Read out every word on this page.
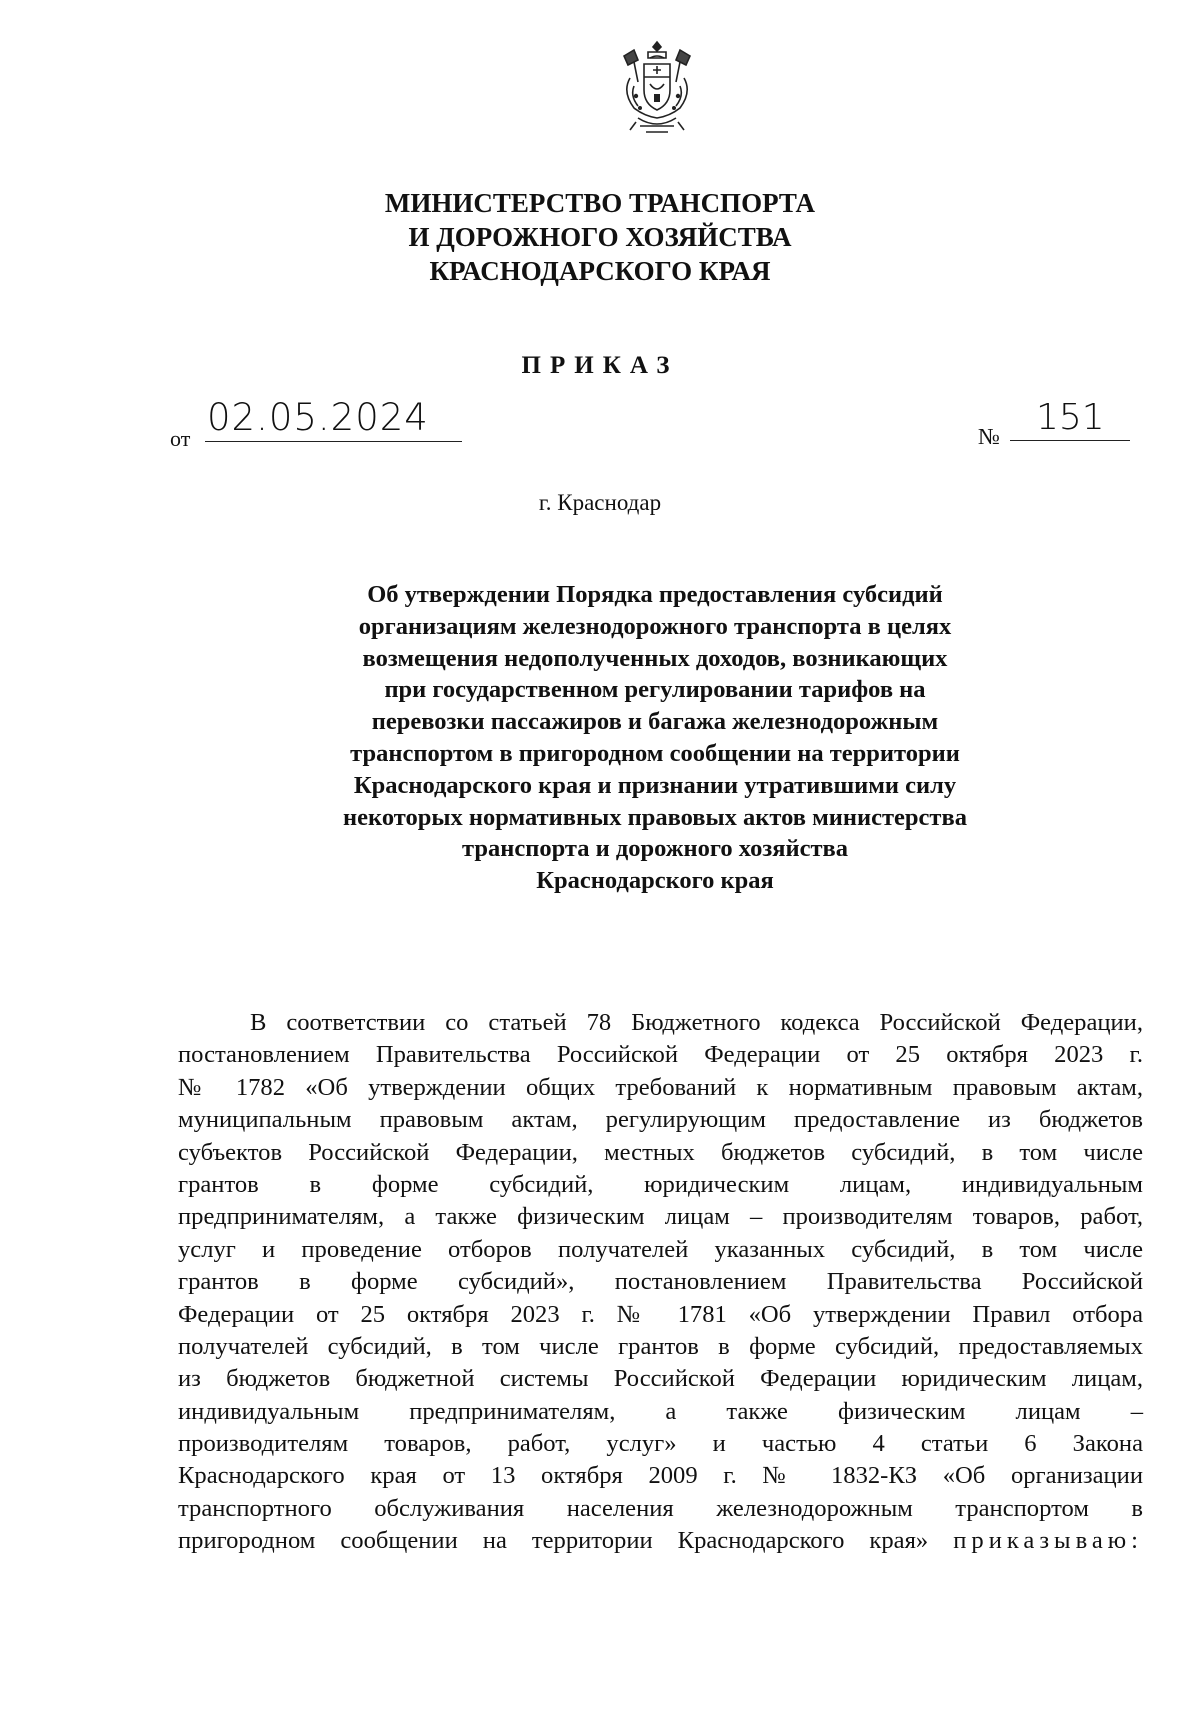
МИНИСТЕРСТВО ТРАНСПОРТА
И ДОРОЖНОГО ХОЗЯЙСТВА
КРАСНОДАРСКОГО КРАЯ
ПРИКАЗ
от 02.05.2024	№	151
г. Краснодар
Об утверждении Порядка предоставления субсидий
организациям железнодорожного транспорта в целях
возмещения недополученных доходов, возникающих
при государственном регулировании тарифов на
перевозки пассажиров и багажа железнодорожным
транспортом в пригородном сообщении на территории
Краснодарского края и признании утратившими силу
некоторых нормативных правовых актов министерства
транспорта и дорожного хозяйства
Краснодарского края
В соответствии со статьей 78 Бюджетного кодекса Российской Федерации,
постановлением Правительства Российской Федерации от 25 октября 2023 г.
№ 1782 «Об утверждении общих требований к нормативным правовым актам,
муниципальным правовым актам, регулирующим предоставление из бюджетов
субъектов Российской Федерации, местных бюджетов субсидий, в том числе
грантов в форме субсидий, юридическим лицам, индивидуальным
предпринимателям, а также физическим лицам – производителям товаров, работ,
услуг и проведение отборов получателей указанных субсидий, в том числе
грантов в форме субсидий», постановлением Правительства Российской
Федерации от 25 октября 2023 г. № 1781 «Об утверждении Правил отбора
получателей субсидий, в том числе грантов в форме субсидий, предоставляемых
из бюджетов бюджетной системы Российской Федерации юридическим лицам,
индивидуальным предпринимателям, а также физическим лицам –
производителям товаров, работ, услуг» и частью 4 статьи 6 Закона
Краснодарского края от 13 октября 2009 г. № 1832-КЗ «Об организации
транспортного обслуживания населения железнодорожным транспортом в
пригородном сообщении на территории Краснодарского края» приказываю:
